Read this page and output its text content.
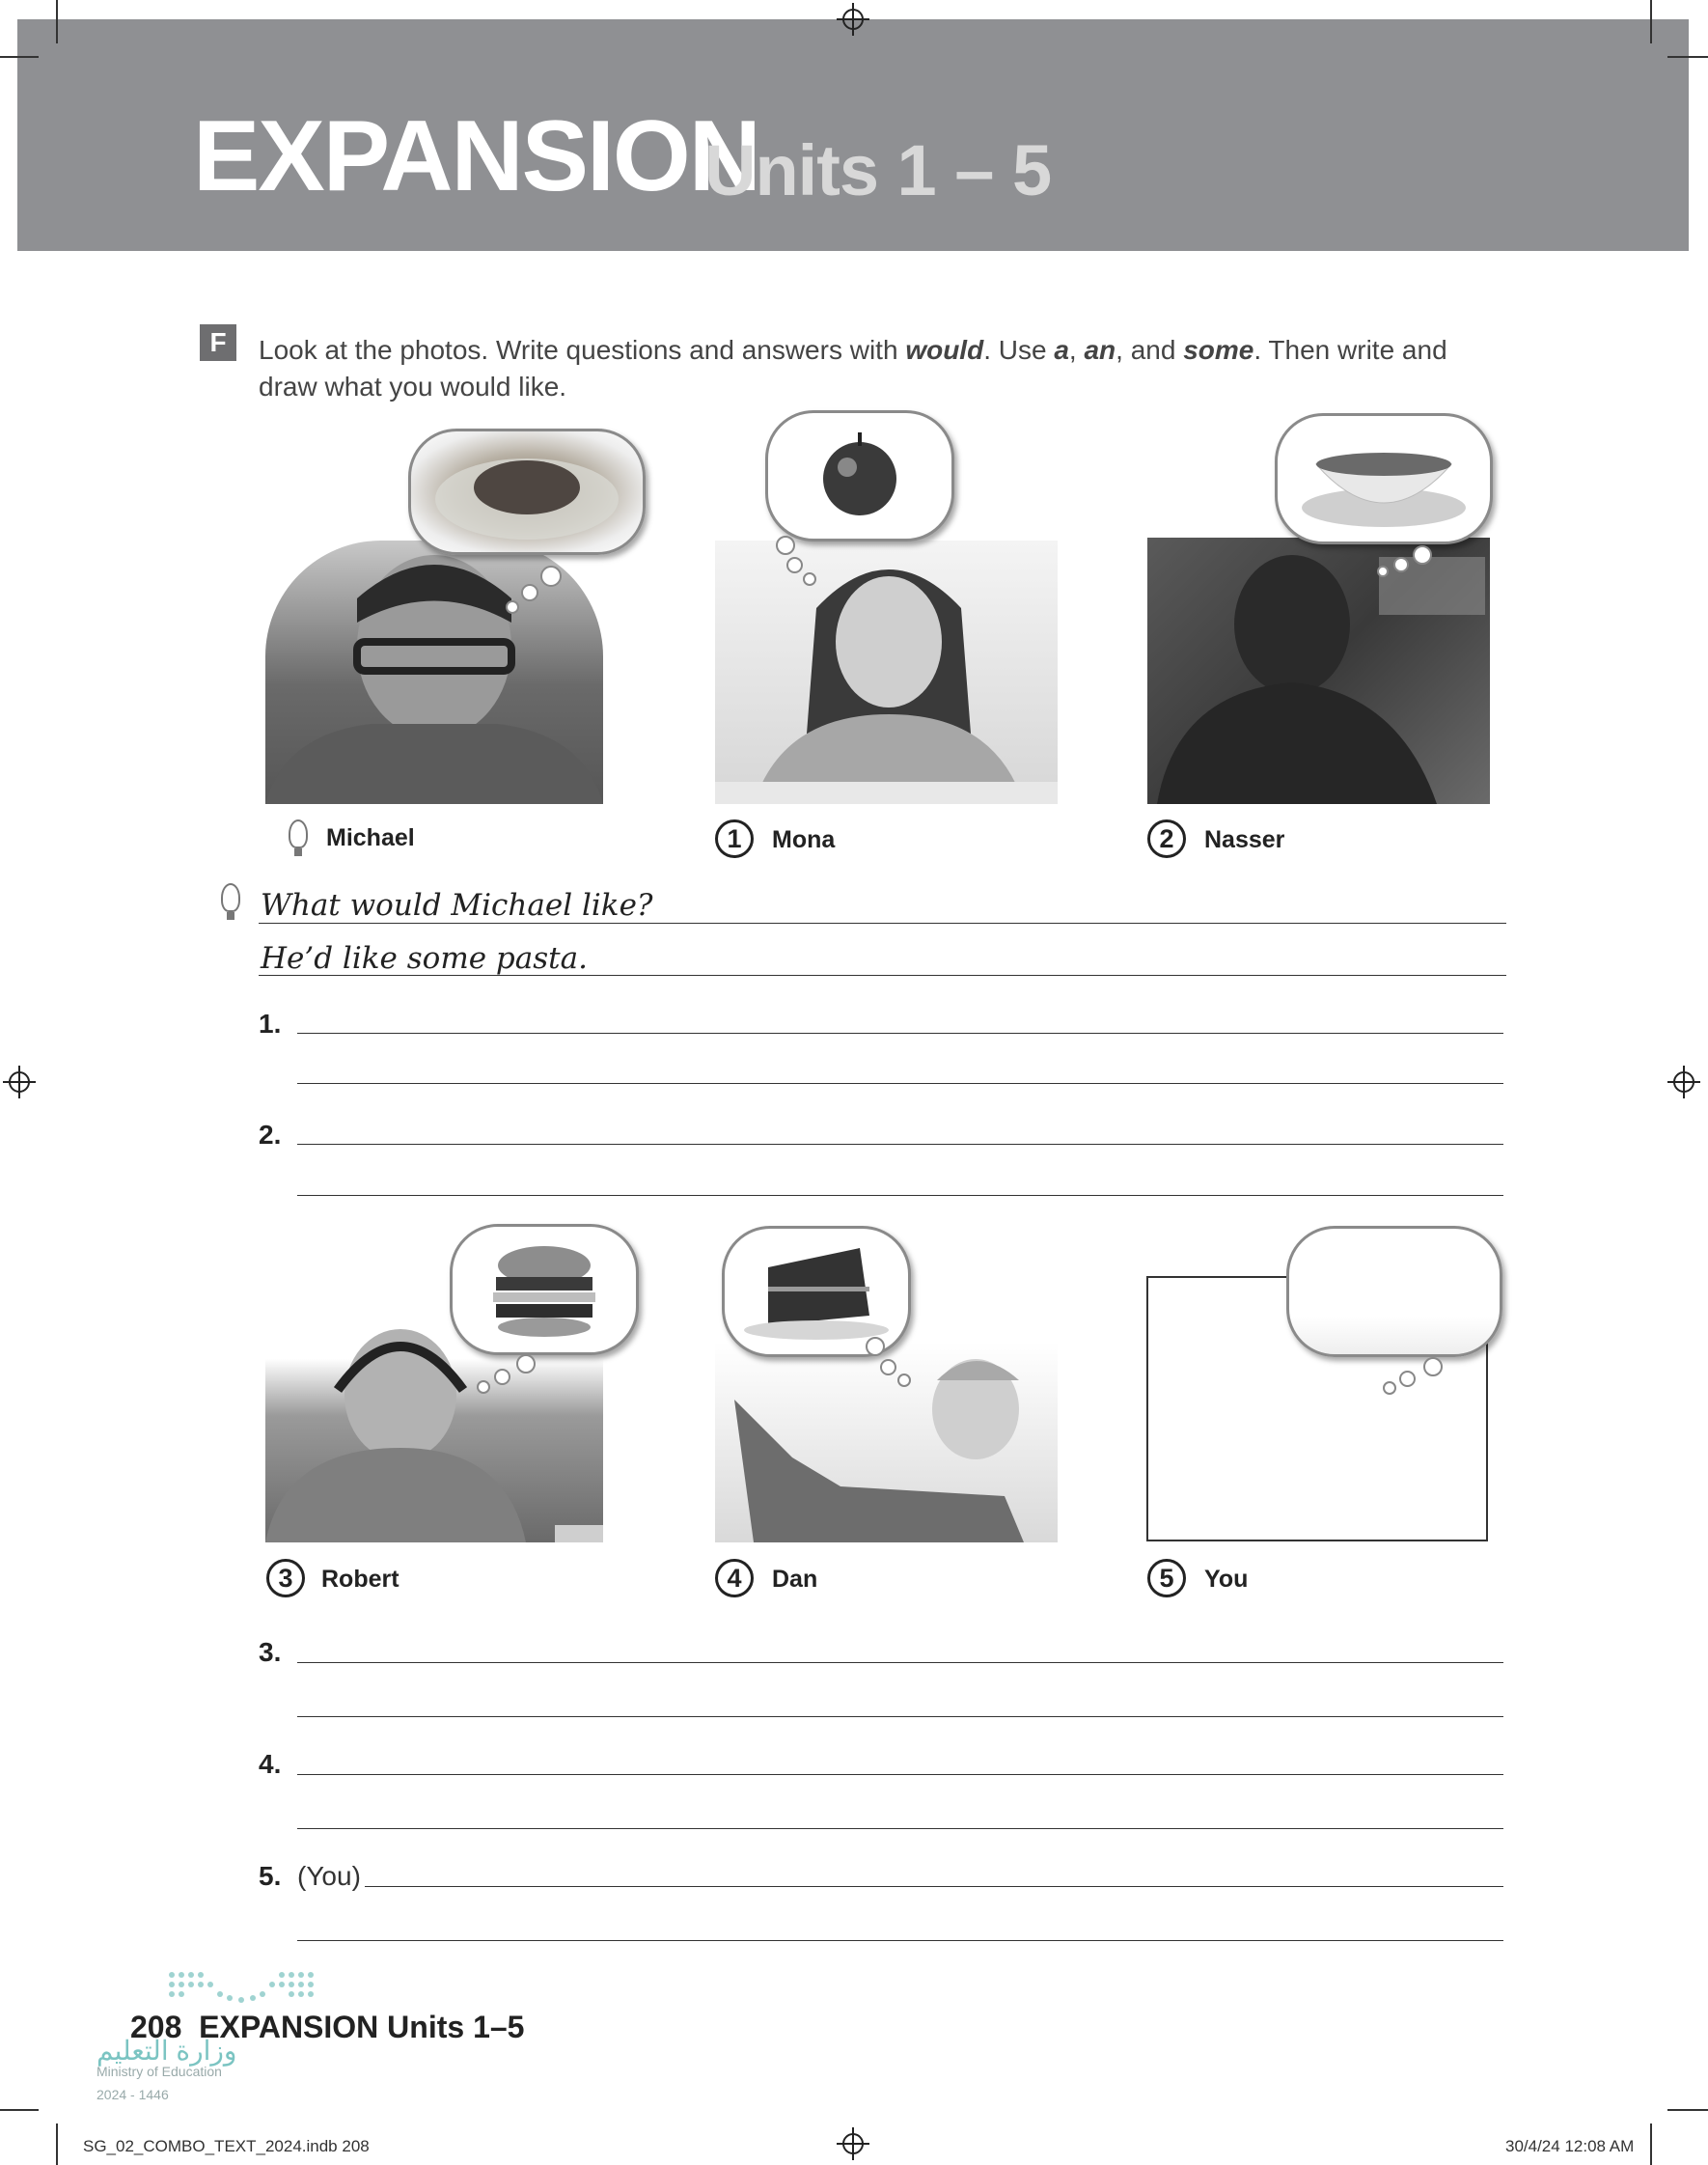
EXPANSION
Units 1 – 5
F	Look at the photos. Write questions and answers with would. Use a, an, and some. Then write and draw what you would like.
Michael	1	Mona	2	Nasser
What would Michael like?
He’d like some pasta.
1.
2.
3	Robert	4	Dan	5	You
3.
4.
5. (You)
208 EXPANSION Units 1–5
وزارة التعليم
Ministry of Education
2024 - 1446
SG_02_COMBO_TEXT_2024.indb 208	30/4/24 12:08 AM
